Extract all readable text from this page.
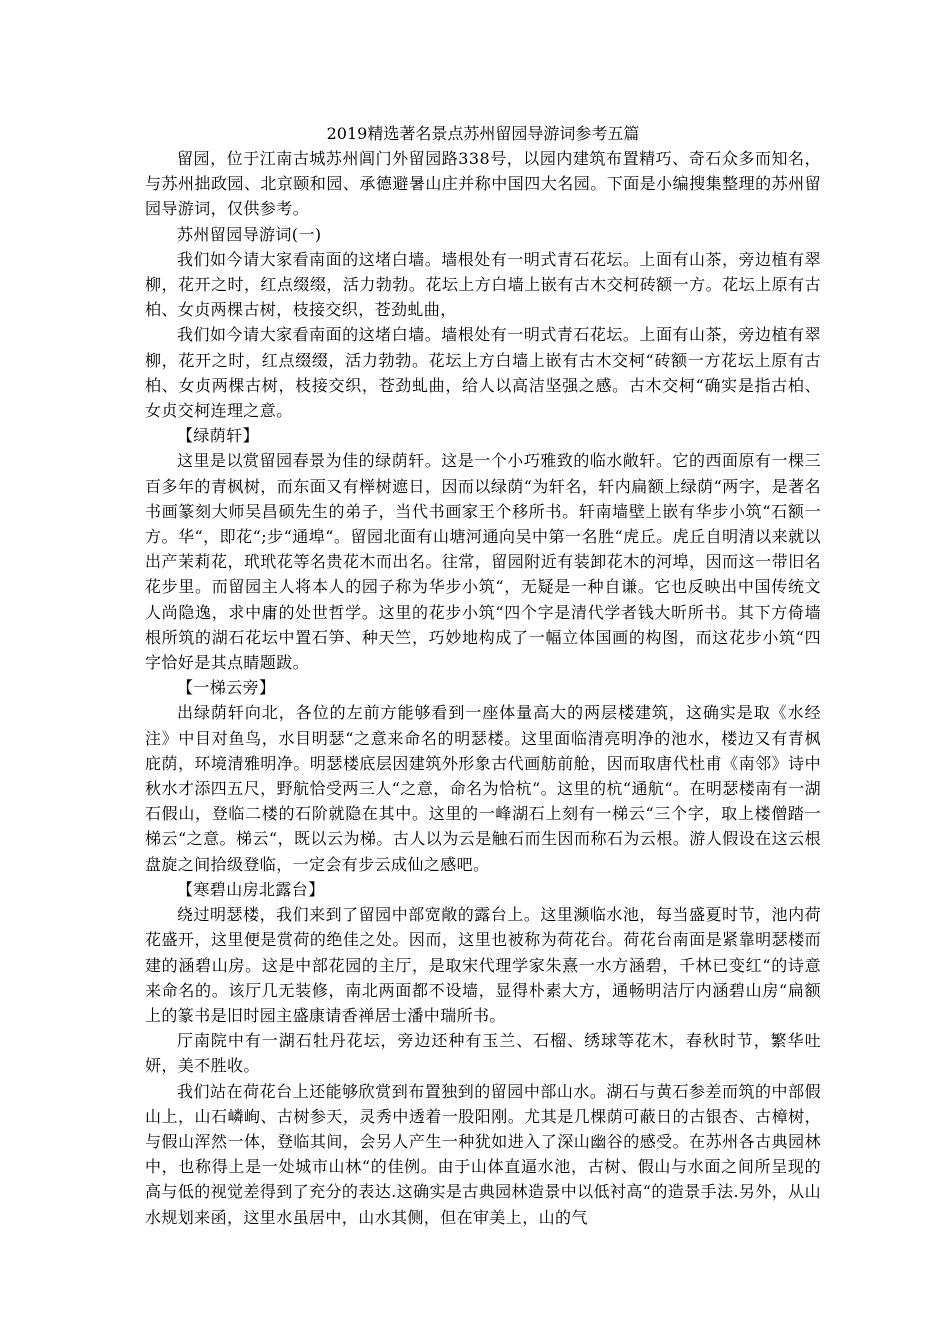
2019精选著名景点苏州留园导游词参考五篇

留园，位于江南古城苏州阊门外留园路338号，以园内建筑布置精巧、奇石众多而知名，与苏州拙政园、北京颐和园、承德避暑山庄并称中国四大名园。下面是小编搜集整理的苏州留园导游词，仅供参考。

苏州留园导游词(一)

我们如今请大家看南面的这堵白墙。墙根处有一明式青石花坛。上面有山茶，旁边植有翠柳，花开之时，红点缀缀，活力勃勃。花坛上方白墙上嵌有古木交柯砖额一方。花坛上原有古柏、女贞两棵古树，枝接交织，苍劲虬曲，

我们如今请大家看南面的这堵白墙。墙根处有一明式青石花坛。上面有山茶，旁边植有翠柳，花开之时，红点缀缀，活力勃勃。花坛上方白墙上嵌有古木交柯“砖额一方花坛上原有古柏、女贞两棵古树，枝接交织，苍劲虬曲，给人以高洁坚强之感。古木交柯“确实是指古柏、女贞交柯连理之意。

【绿荫轩】

这里是以赏留园春景为佳的绿荫轩。这是一个小巧雅致的临水敞轩。它的西面原有一棵三百多年的青枫树，而东面又有榉树遮日，因而以绿荫“为轩名，轩内扁额上绿荫“两字，是著名书画篆刻大师吴昌硕先生的弟子，当代书画家王个移所书。轩南墙壁上嵌有华步小筑“石额一方。华“，即花“;步“通埠“。留园北面有山塘河通向吴中第一名胜“虎丘。虎丘自明清以来就以出产茉莉花，玳玳花等名贵花木而出名。往常，留园附近有装卸花木的河埠，因而这一带旧名花步里。而留园主人将本人的园子称为华步小筑“，无疑是一种自谦。它也反映出中国传统文人尚隐逸，求中庸的处世哲学。这里的花步小筑“四个字是清代学者钱大昕所书。其下方倚墙根所筑的湖石花坛中置石笋、种天竺，巧妙地构成了一幅立体国画的构图，而这花步小筑“四字恰好是其点睛题跋。

【一梯云旁】

出绿荫轩向北，各位的左前方能够看到一座体量高大的两层楼建筑，这确实是取《水经注》中目对鱼鸟，水目明瑟“之意来命名的明瑟楼。这里面临清亮明净的池水，楼边又有青枫庇荫，环境清雅明净。明瑟楼底层因建筑外形象古代画舫前舱，因而取唐代杜甫《南邻》诗中秋水才添四五尺，野航恰受两三人“之意，命名为恰杭“。这里的杭“通航“。在明瑟楼南有一湖石假山，登临二楼的石阶就隐在其中。这里的一峰湖石上刻有一梯云“三个字，取上楼僧踏一梯云“之意。梯云“，既以云为梯。古人以为云是触石而生因而称石为云根。游人假设在这云根盘旋之间拾级登临，一定会有步云成仙之感吧。

【寒碧山房北露台】

绕过明瑟楼，我们来到了留园中部宽敞的露台上。这里濒临水池，每当盛夏时节，池内荷花盛开，这里便是赏荷的绝佳之处。因而，这里也被称为荷花台。荷花台南面是紧靠明瑟楼而建的涵碧山房。这是中部花园的主厅，是取宋代理学家朱熹一水方涵碧，千林已变红“的诗意来命名的。该厅几无装修，南北两面都不设墙，显得朴素大方，通畅明洁厅内涵碧山房“扁额上的篆书是旧时园主盛康请香禅居士潘中瑞所书。

厅南院中有一湖石牡丹花坛，旁边还种有玉兰、石榴、绣球等花木，春秋时节，繁华吐妍，美不胜收。

我们站在荷花台上还能够欣赏到布置独到的留园中部山水。湖石与黄石参差而筑的中部假山上，山石嶙峋、古树参天，灵秀中透着一股阳刚。尤其是几棵荫可蔽日的古银杏、古樟树，与假山浑然一体，登临其间，会另人产生一种犹如进入了深山幽谷的感受。在苏州各古典园林中，也称得上是一处城市山林“的佳例。由于山体直逼水池，古树、假山与水面之间所呈现的高与低的视觉差得到了充分的表达.这确实是古典园林造景中以低衬高“的造景手法.另外，从山水规划来函，这里水虽居中，山水其侧，但在审美上，山的气
